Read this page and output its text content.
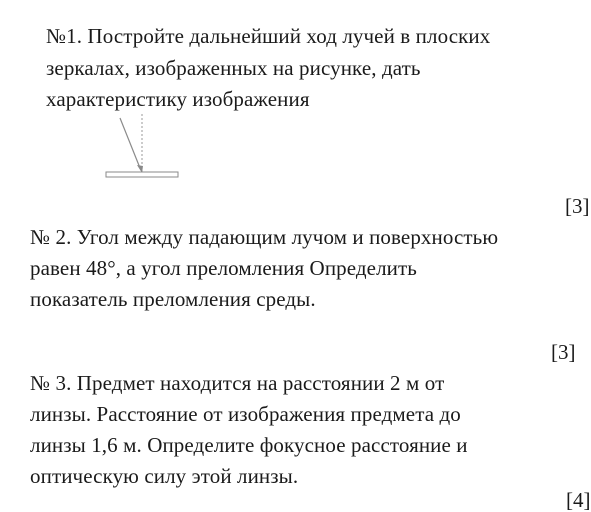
№1. Постройте дальнейший ход лучей в плоских
зеркалах, изображенных на рисунке, дать
характеристику изображения
[3]
№ 2. Угол между падающим лучом и поверхностью
равен 48°, а угол преломления Определить
показатель преломления среды.
[3]
№ 3. Предмет находится на расстоянии 2 м от
линзы. Расстояние от изображения предмета до
линзы 1,6 м. Определите фокусное расстояние и
оптическую силу этой линзы.
[4]
